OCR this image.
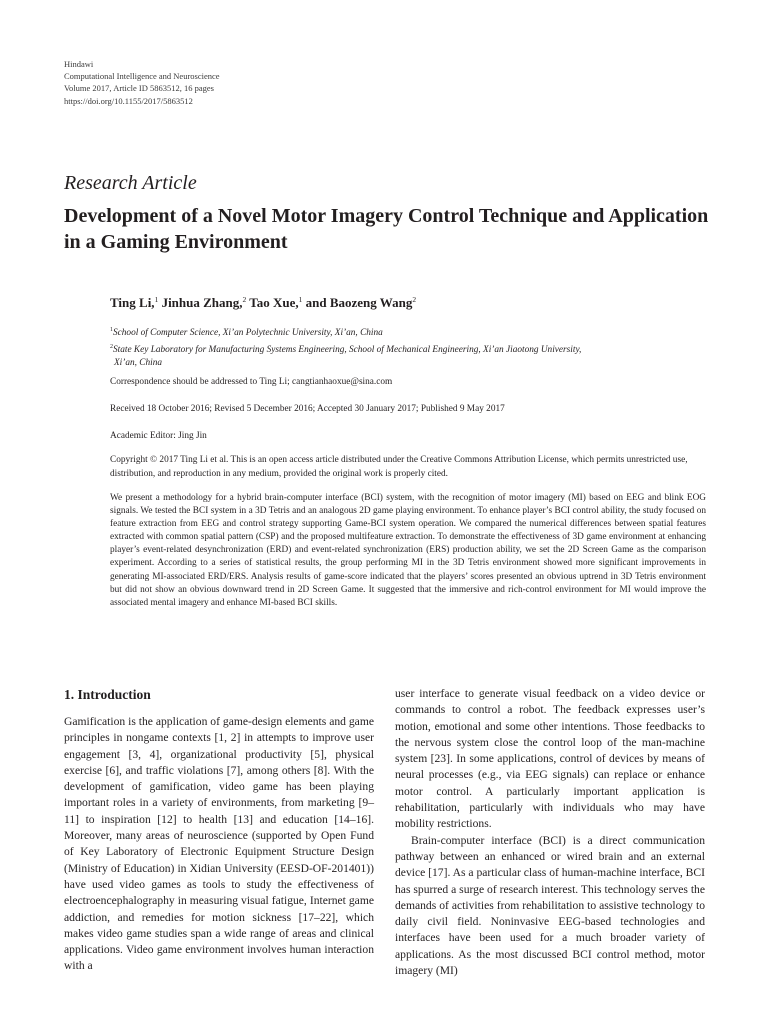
Hindawi
Computational Intelligence and Neuroscience
Volume 2017, Article ID 5863512, 16 pages
https://doi.org/10.1155/2017/5863512
Research Article
Development of a Novel Motor Imagery Control Technique and Application in a Gaming Environment
Ting Li,$^1$ Jinhua Zhang,$^2$ Tao Xue,$^1$ and Baozeng Wang$^2$
$^1$School of Computer Science, Xi’an Polytechnic University, Xi’an, China
$^2$State Key Laboratory for Manufacturing Systems Engineering, School of Mechanical Engineering, Xi’an Jiaotong University,
Xi’an, China
Correspondence should be addressed to Ting Li; cangtianhaoxue@sina.com
Received 18 October 2016; Revised 5 December 2016; Accepted 30 January 2017; Published 9 May 2017
Academic Editor: Jing Jin
Copyright © 2017 Ting Li et al. This is an open access article distributed under the Creative Commons Attribution License, which permits unrestricted use, distribution, and reproduction in any medium, provided the original work is properly cited.
We present a methodology for a hybrid brain-computer interface (BCI) system, with the recognition of motor imagery (MI) based on EEG and blink EOG signals. We tested the BCI system in a 3D Tetris and an analogous 2D game playing environment. To enhance player’s BCI control ability, the study focused on feature extraction from EEG and control strategy supporting Game-BCI system operation. We compared the numerical differences between spatial features extracted with common spatial pattern (CSP) and the proposed multifeature extraction. To demonstrate the effectiveness of 3D game environment at enhancing player’s event-related desynchronization (ERD) and event-related synchronization (ERS) production ability, we set the 2D Screen Game as the comparison experiment. According to a series of statistical results, the group performing MI in the 3D Tetris environment showed more significant improvements in generating MI-associated ERD/ERS. Analysis results of game-score indicated that the players’ scores presented an obvious uptrend in 3D Tetris environment but did not show an obvious downward trend in 2D Screen Game. It suggested that the immersive and rich-control environment for MI would improve the associated mental imagery and enhance MI-based BCI skills.
1. Introduction

Gamification is the application of game-design elements and game principles in nongame contexts [1, 2] in attempts to improve user engagement [3, 4], organizational productivity [5], physical exercise [6], and traffic violations [7], among others [8]. With the development of gamification, video game has been playing important roles in a variety of environments, from marketing [9–11] to inspiration [12] to health [13] and education [14–16]. Moreover, many areas of neuroscience (supported by Open Fund of Key Laboratory of Electronic Equipment Structure Design (Ministry of Education) in Xidian University (EESD-OF-201401)) have used video games as tools to study the effectiveness of electroencephalography in measuring visual fatigue, Internet game addiction, and remedies for motion sickness [17–22], which makes video game studies span a wide range of areas and clinical applications. Video game environment involves human interaction with a

user interface to generate visual feedback on a video device or commands to control a robot. The feedback expresses user’s motion, emotional and some other intentions. Those feedbacks to the nervous system close the control loop of the man-machine system [23]. In some applications, control of devices by means of neural processes (e.g., via EEG signals) can replace or enhance motor control. A particularly important application is rehabilitation, particularly with individuals who may have mobility restrictions.

Brain-computer interface (BCI) is a direct communication pathway between an enhanced or wired brain and an external device [17]. As a particular class of human-machine interface, BCI has spurred a surge of research interest. This technology serves the demands of activities from rehabilitation to assistive technology to daily civil field. Noninvasive EEG-based technologies and interfaces have been used for a much broader variety of applications. As the most discussed BCI control method, motor imagery (MI)
